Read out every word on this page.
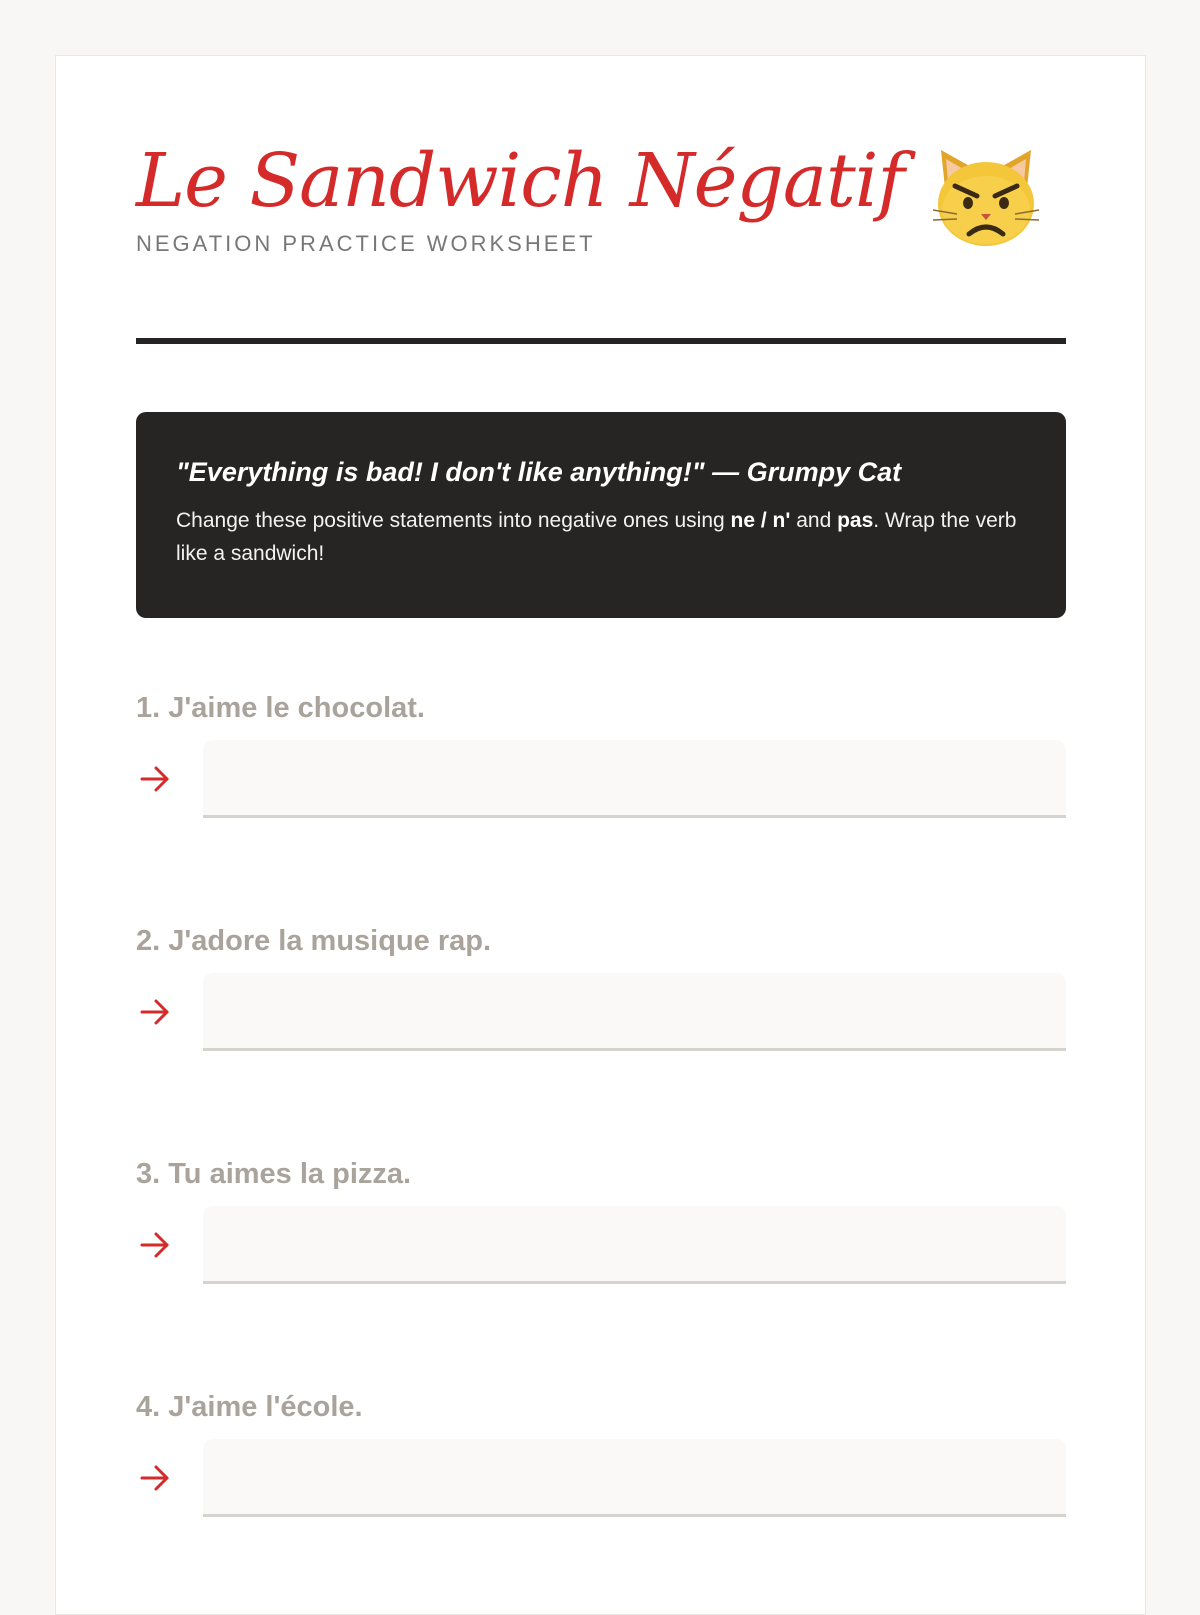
Le Sandwich Négatif
NEGATION PRACTICE WORKSHEET
"Everything is bad! I don't like anything!" — Grumpy Cat
Change these positive statements into negative ones using ne / n' and pas. Wrap the verb like a sandwich!
1. J'aime le chocolat.
2. J'adore la musique rap.
3. Tu aimes la pizza.
4. J'aime l'école.
